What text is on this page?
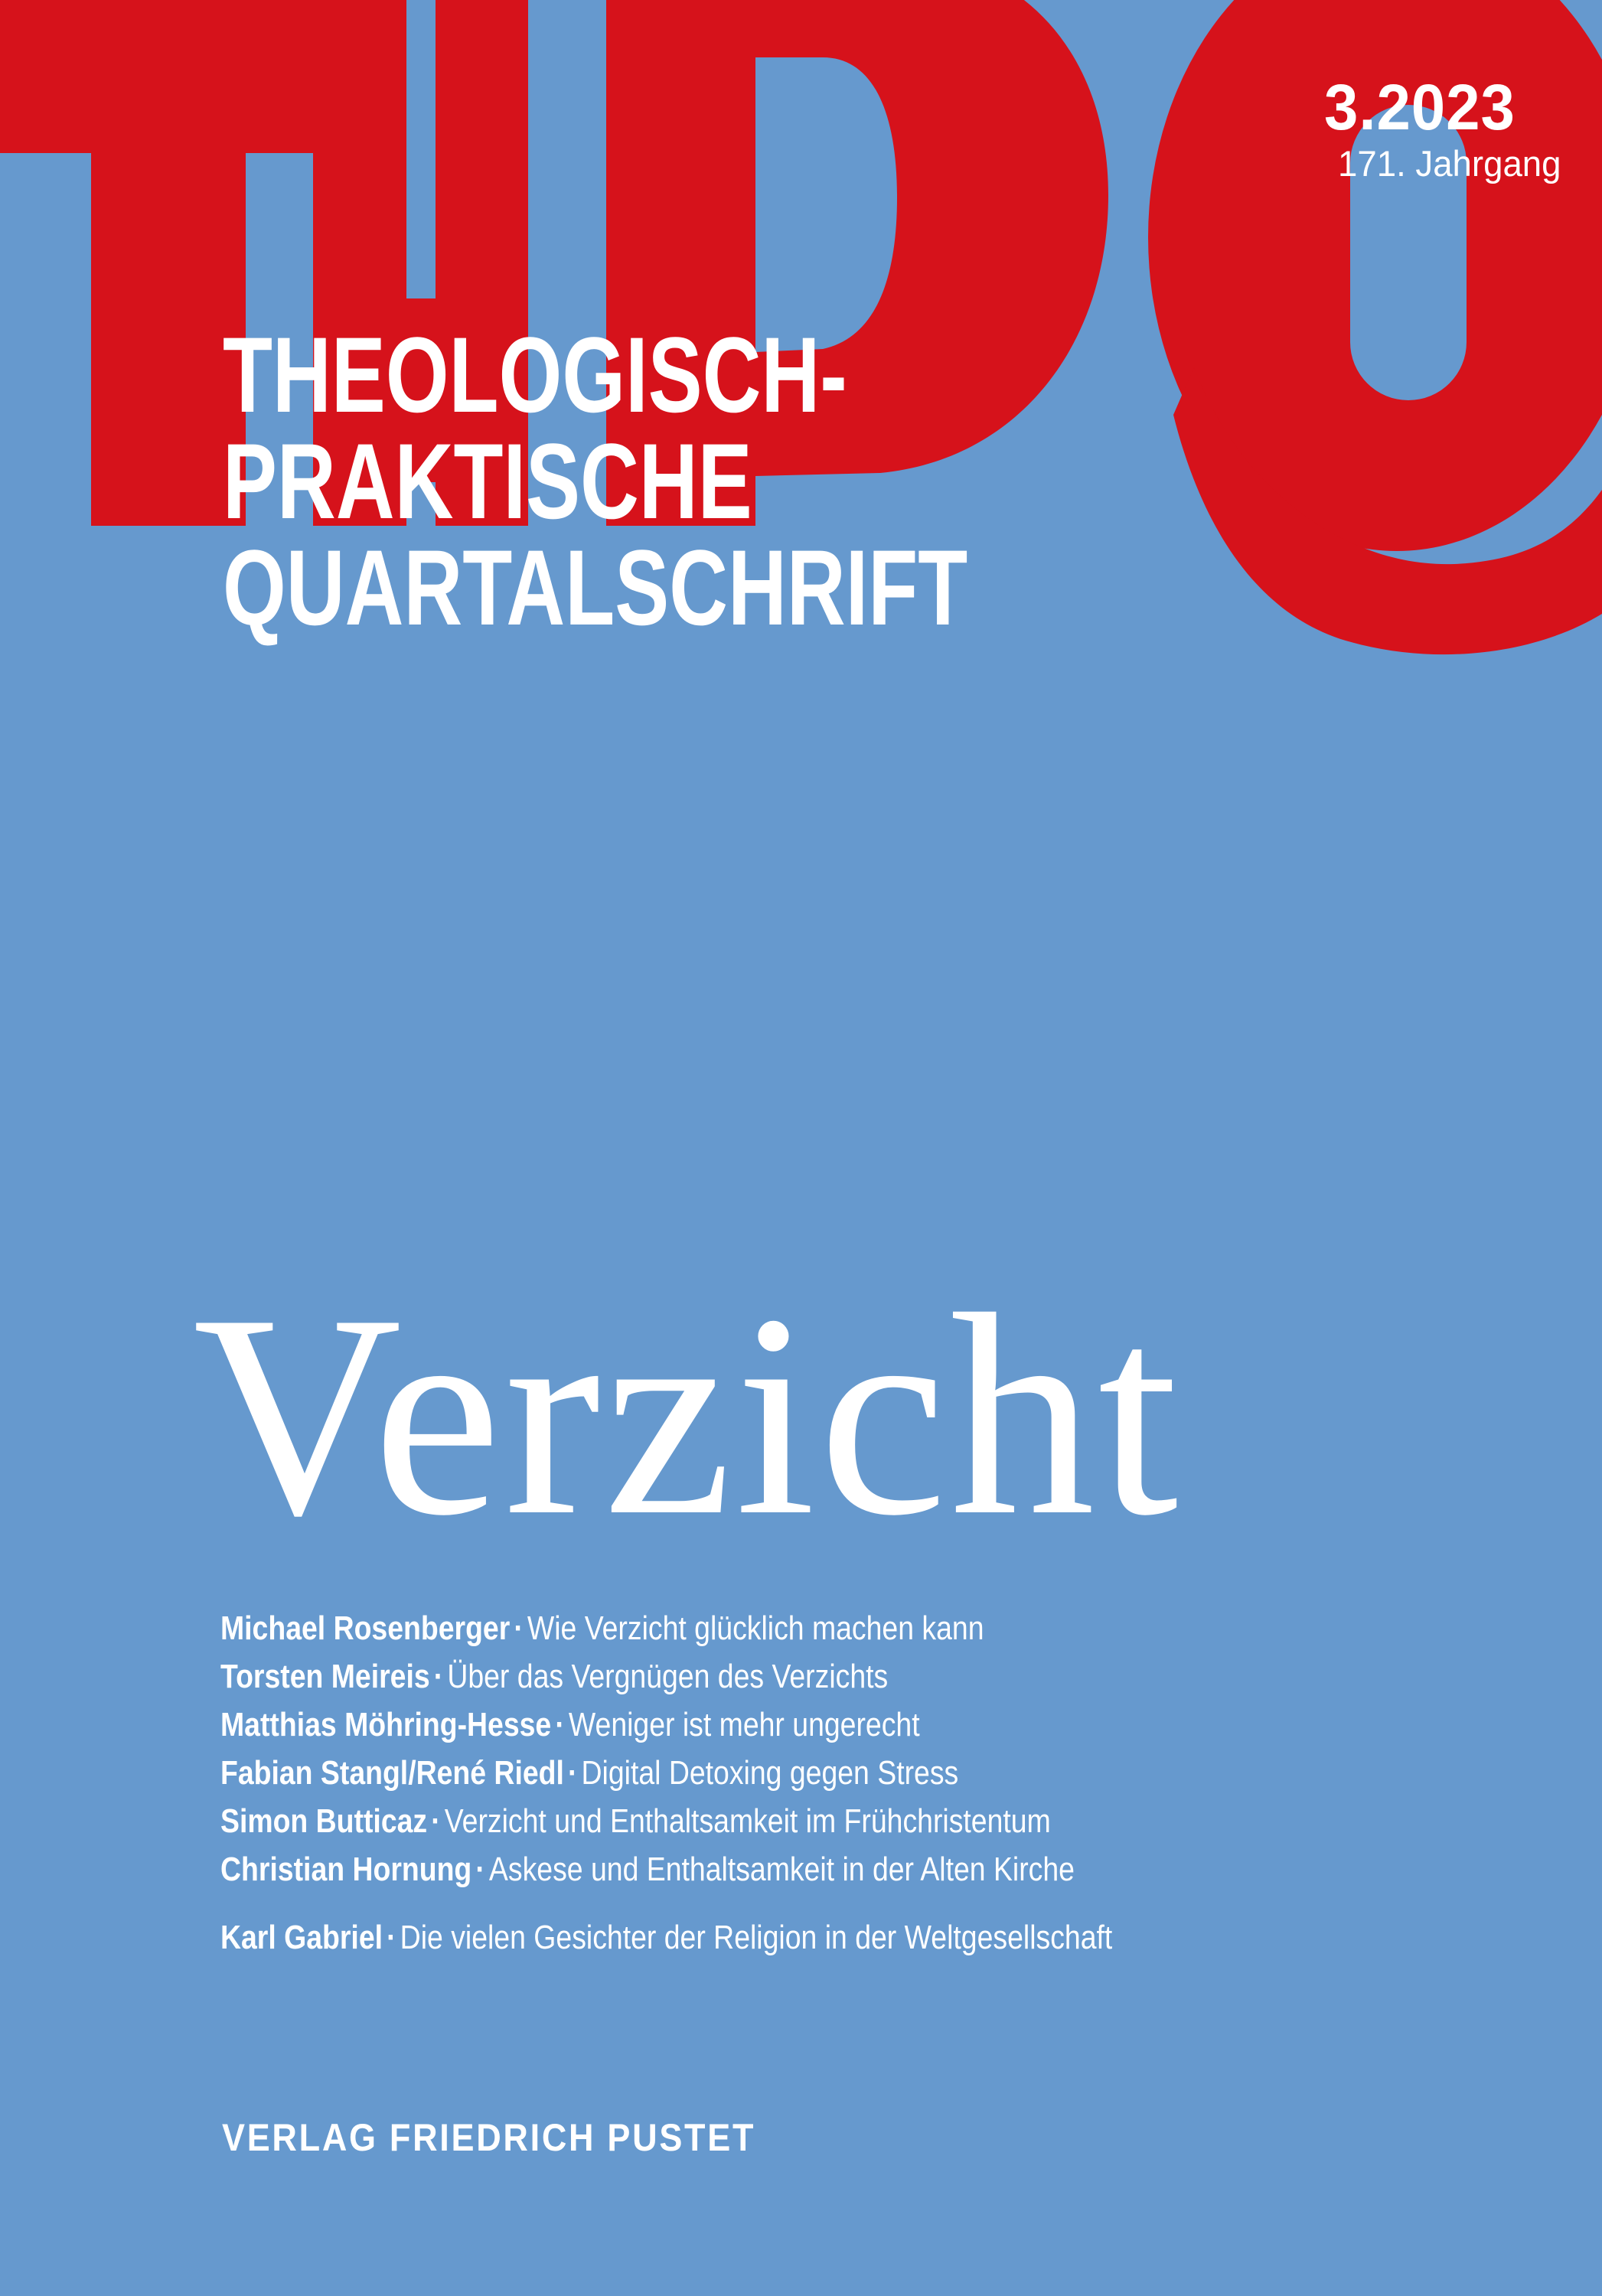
3.2023
171. Jahrgang
THEOLOGISCH-
PRAKTISCHE
QUARTALSCHRIFT
Verzicht
Michael Rosenberger · Wie Verzicht glücklich machen kann
Torsten Meireis · Über das Vergnügen des Verzichts
Matthias Möhring-Hesse · Weniger ist mehr ungerecht
Fabian Stangl/René Riedl · Digital Detoxing gegen Stress
Simon Butticaz · Verzicht und Enthaltsamkeit im Frühchristentum
Christian Hornung · Askese und Enthaltsamkeit in der Alten Kirche
Karl Gabriel · Die vielen Gesichter der Religion in der Weltgesellschaft
VERLAG FRIEDRICH PUSTET
